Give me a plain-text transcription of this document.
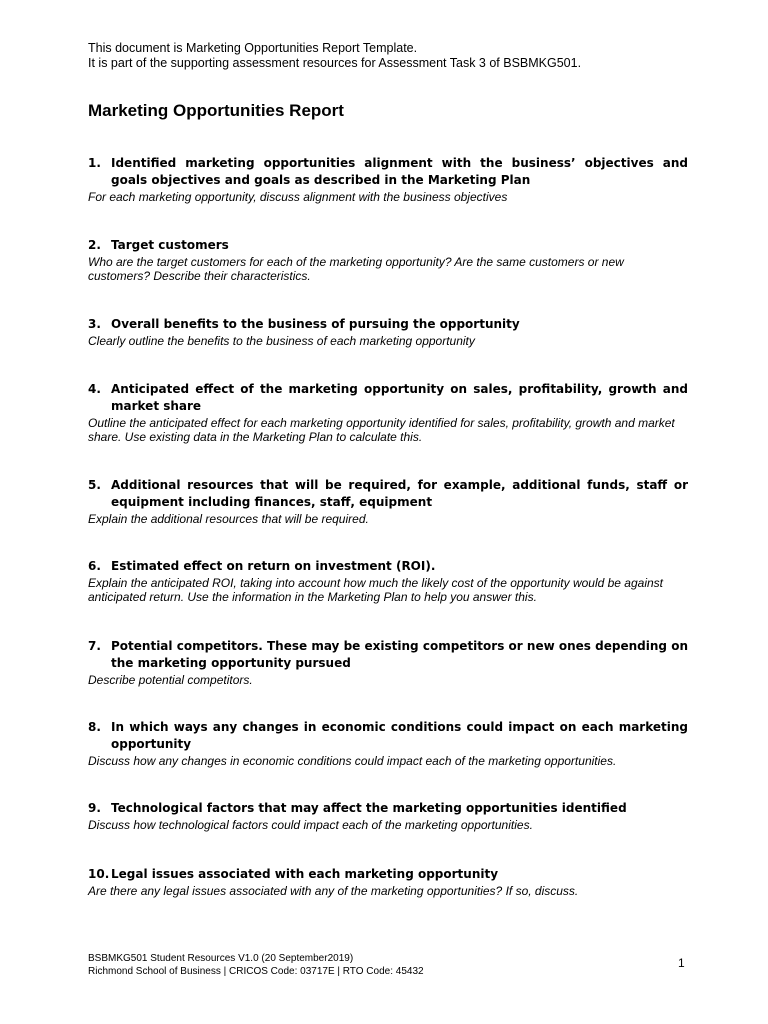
This document is Marketing Opportunities Report Template.
It is part of the supporting assessment resources for Assessment Task 3 of BSBMKG501.
Marketing Opportunities Report
1. Identified marketing opportunities alignment with the business’ objectives and goals objectives and goals as described in the Marketing Plan
For each marketing opportunity, discuss alignment with the business objectives
2. Target customers
Who are the target customers for each of the marketing opportunity? Are the same customers or new customers? Describe their characteristics.
3. Overall benefits to the business of pursuing the opportunity
Clearly outline the benefits to the business of each marketing opportunity
4. Anticipated effect of the marketing opportunity on sales, profitability, growth and market share
Outline the anticipated effect for each marketing opportunity identified for sales, profitability, growth and market share. Use existing data in the Marketing Plan to calculate this.
5. Additional resources that will be required, for example, additional funds, staff or equipment including finances, staff, equipment
Explain the additional resources that will be required.
6. Estimated effect on return on investment (ROI).
Explain the anticipated ROI, taking into account how much the likely cost of the opportunity would be against anticipated return. Use the information in the Marketing Plan to help you answer this.
7. Potential competitors. These may be existing competitors or new ones depending on the marketing opportunity pursued
Describe potential competitors.
8. In which ways any changes in economic conditions could impact on each marketing opportunity
Discuss how any changes in economic conditions could impact each of the marketing opportunities.
9. Technological factors that may affect the marketing opportunities identified
Discuss how technological factors could impact each of the marketing opportunities.
10. Legal issues associated with each marketing opportunity
Are there any legal issues associated with any of the marketing opportunities? If so, discuss.
BSBMKG501 Student Resources V1.0 (20 September2019)
Richmond School of Business | CRICOS Code: 03717E | RTO Code: 45432
1
